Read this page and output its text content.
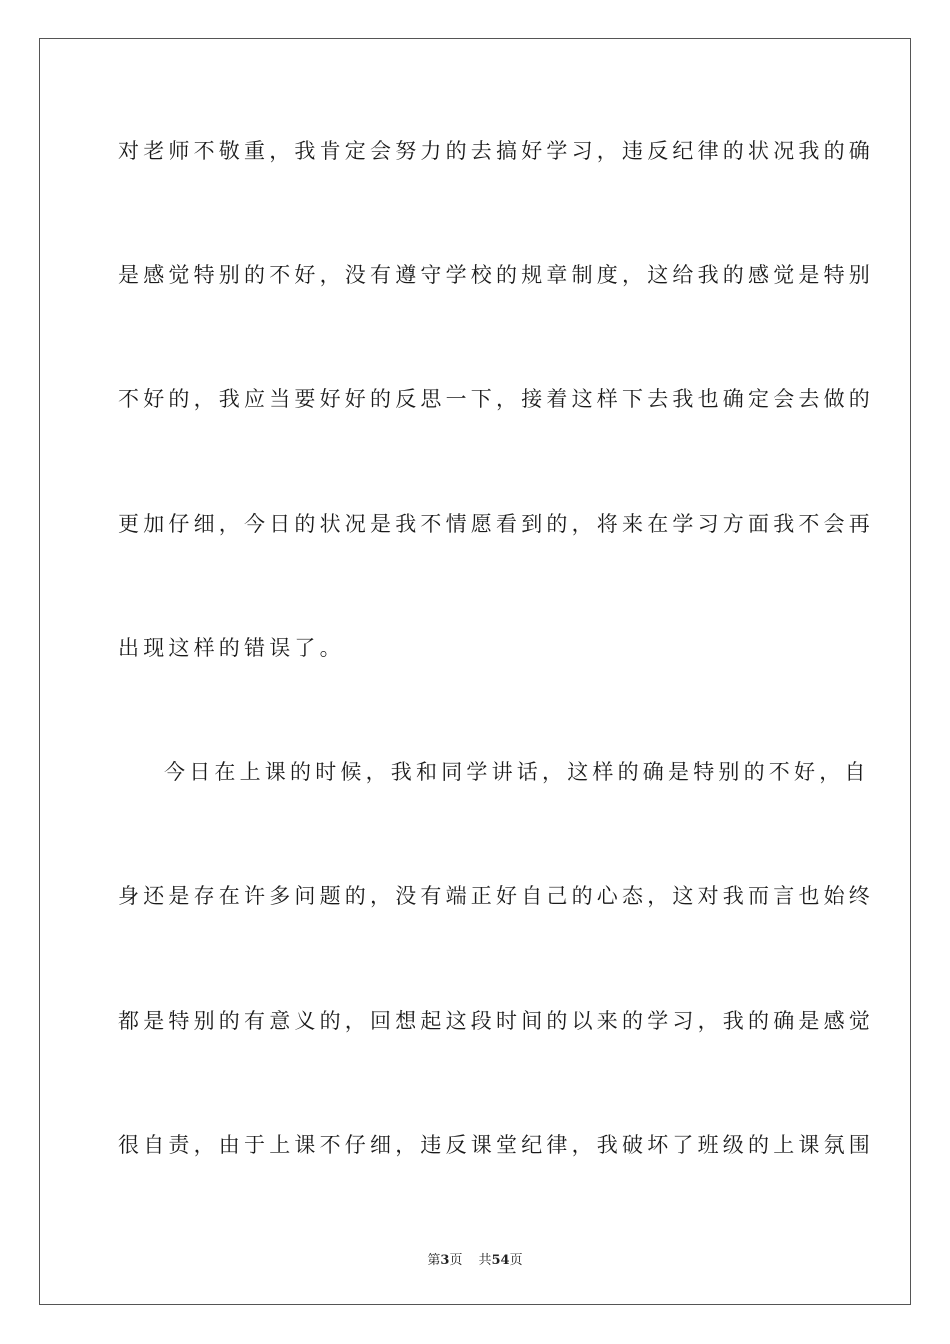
对老师不敬重，我肯定会努力的去搞好学习，违反纪律的状况我的确
是感觉特别的不好，没有遵守学校的规章制度，这给我的感觉是特别
不好的，我应当要好好的反思一下，接着这样下去我也确定会去做的
更加仔细，今日的状况是我不情愿看到的，将来在学习方面我不会再
出现这样的错误了。
今日在上课的时候，我和同学讲话，这样的确是特别的不好，自
身还是存在许多问题的，没有端正好自己的心态，这对我而言也始终
都是特别的有意义的，回想起这段时间的以来的学习，我的确是感觉
很自责，由于上课不仔细，违反课堂纪律，我破坏了班级的上课氛围
第3页 共54页
